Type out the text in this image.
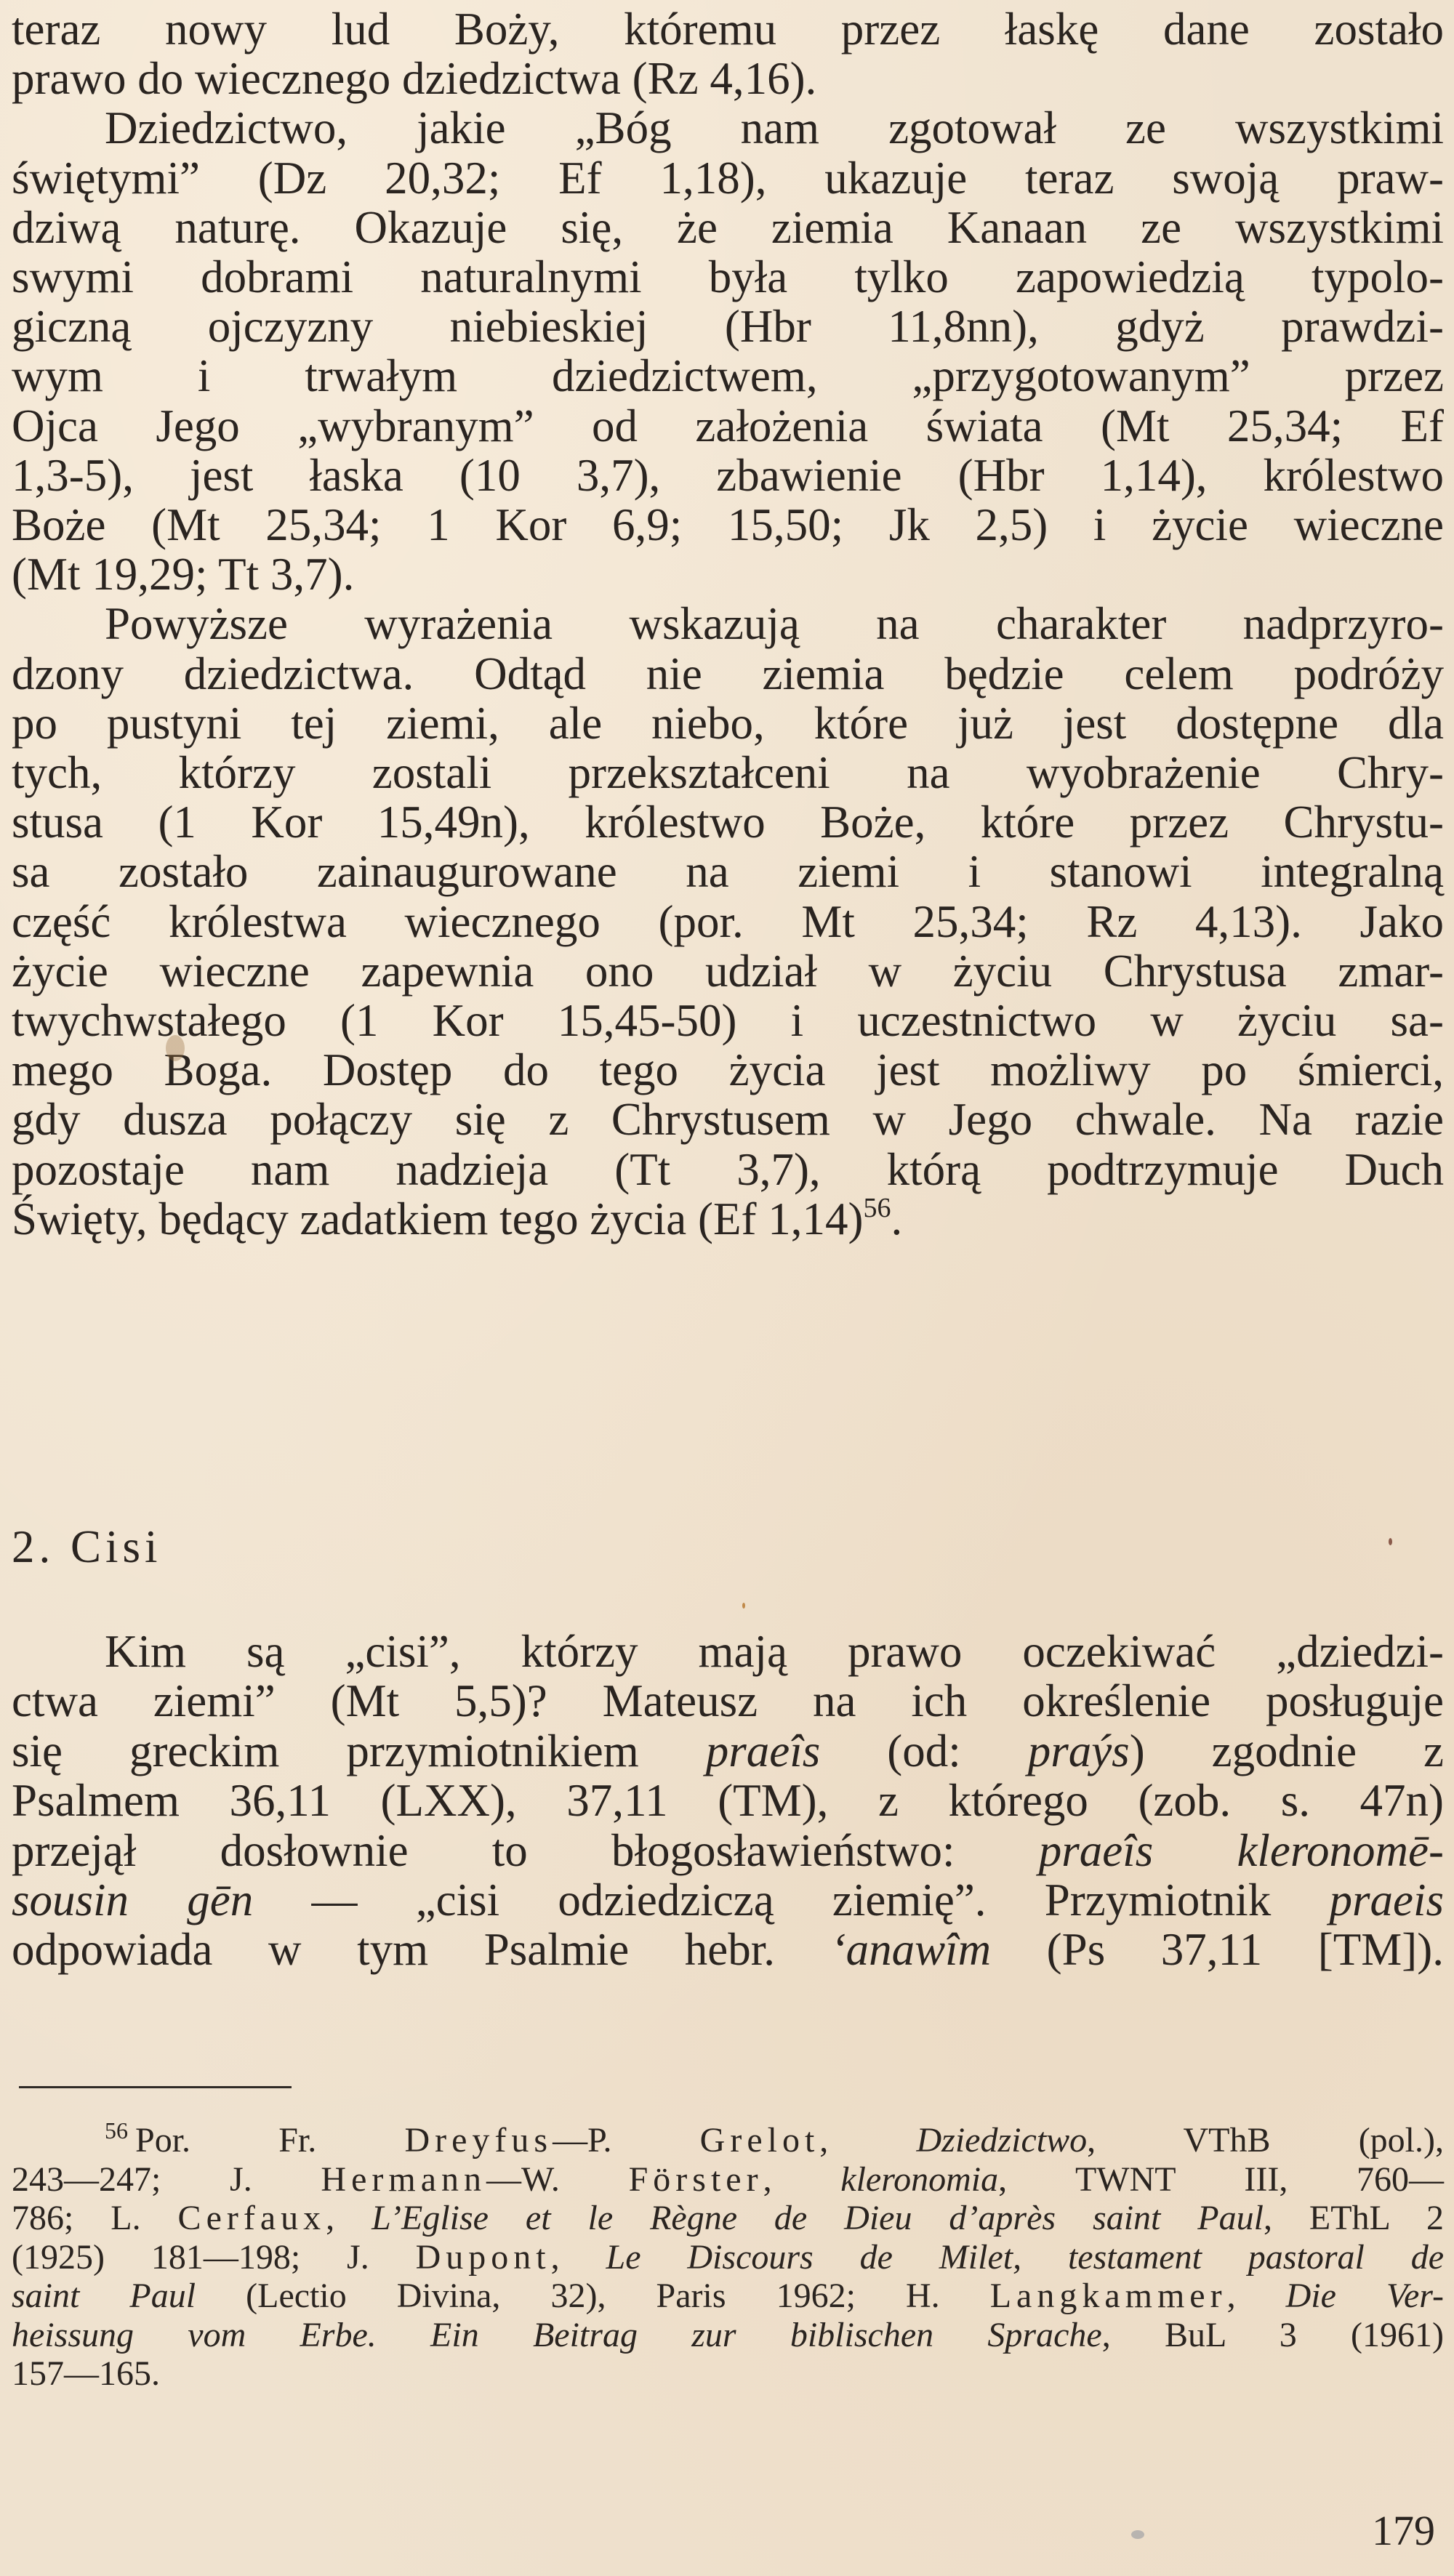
teraz nowy lud Boży, któremu przez łaskę dane zostało
prawo do wiecznego dziedzictwa (Rz 4,16).

Dziedzictwo, jakie „Bóg nam zgotował ze wszystkimi
świętymi” (Dz 20,32; Ef 1,18), ukazuje teraz swoją praw-
dziwą naturę. Okazuje się, że ziemia Kanaan ze wszystkimi
swymi dobrami naturalnymi była tylko zapowiedzią typolo-
giczną ojczyzny niebieskiej (Hbr 11,8nn), gdyż prawdzi-
wym i trwałym dziedzictwem, „przygotowanym” przez
Ojca Jego „wybranym” od założenia świata (Mt 25,34; Ef
1,3-5), jest łaska (10 3,7), zbawienie (Hbr 1,14), królestwo
Boże (Mt 25,34; 1 Kor 6,9; 15,50; Jk 2,5) i życie wieczne
(Mt 19,29; Tt 3,7).

Powyższe wyrażenia wskazują na charakter nadprzyro-
dzony dziedzictwa. Odtąd nie ziemia będzie celem podróży
po pustyni tej ziemi, ale niebo, które już jest dostępne dla
tych, którzy zostali przekształceni na wyobrażenie Chry-
stusa (1 Kor 15,49n), królestwo Boże, które przez Chrystu-
sa zostało zainaugurowane na ziemi i stanowi integralną
część królestwa wiecznego (por. Mt 25,34; Rz 4,13). Jako
życie wieczne zapewnia ono udział w życiu Chrystusa zmar-
twychwstałego (1 Kor 15,45-50) i uczestnictwo w życiu sa-
mego Boga. Dostęp do tego życia jest możliwy po śmierci,
gdy dusza połączy się z Chrystusem w Jego chwale. Na razie
pozostaje nam nadzieja (Tt 3,7), którą podtrzymuje Duch
Święty, będący zadatkiem tego życia (Ef 1,14)$^{56}$.

2. Cisi
Kim są „cisi”, którzy mają prawo oczekiwać „dziedzi-
ctwa ziemi” (Mt 5,5)? Mateusz na ich określenie posługuje
się greckim przymiotnikiem praeîs (od: praýs) zgodnie z
Psalmem 36,11 (LXX), 37,11 (TM), z którego (zob. s. 47n)
przejął dosłownie to błogosławieństwo: praeîs kleronomē-
sousin gēn — „cisi odziedziczą ziemię”. Przymiotnik praeis
odpowiada w tym Psalmie hebr. ‘anawîm (Ps 37,11 [TM]).
$^{56}$ Por. Fr. Dreyfus—P. Grelot, Dziedzictwo, VThB (pol.),
243—247; J. Hermann—W. Förster, kleronomia, TWNT III, 760—
786; L. Cerfaux, L’Eglise et le Règne de Dieu d’après saint Paul, EThL 2
(1925) 181—198; J. Dupont, Le Discours de Milet, testament pastoral de
saint Paul (Lectio Divina, 32), Paris 1962; H. Langkammer, Die Ver-
heissung vom Erbe. Ein Beitrag zur biblischen Sprache, BuL 3 (1961)
157—165.
179
